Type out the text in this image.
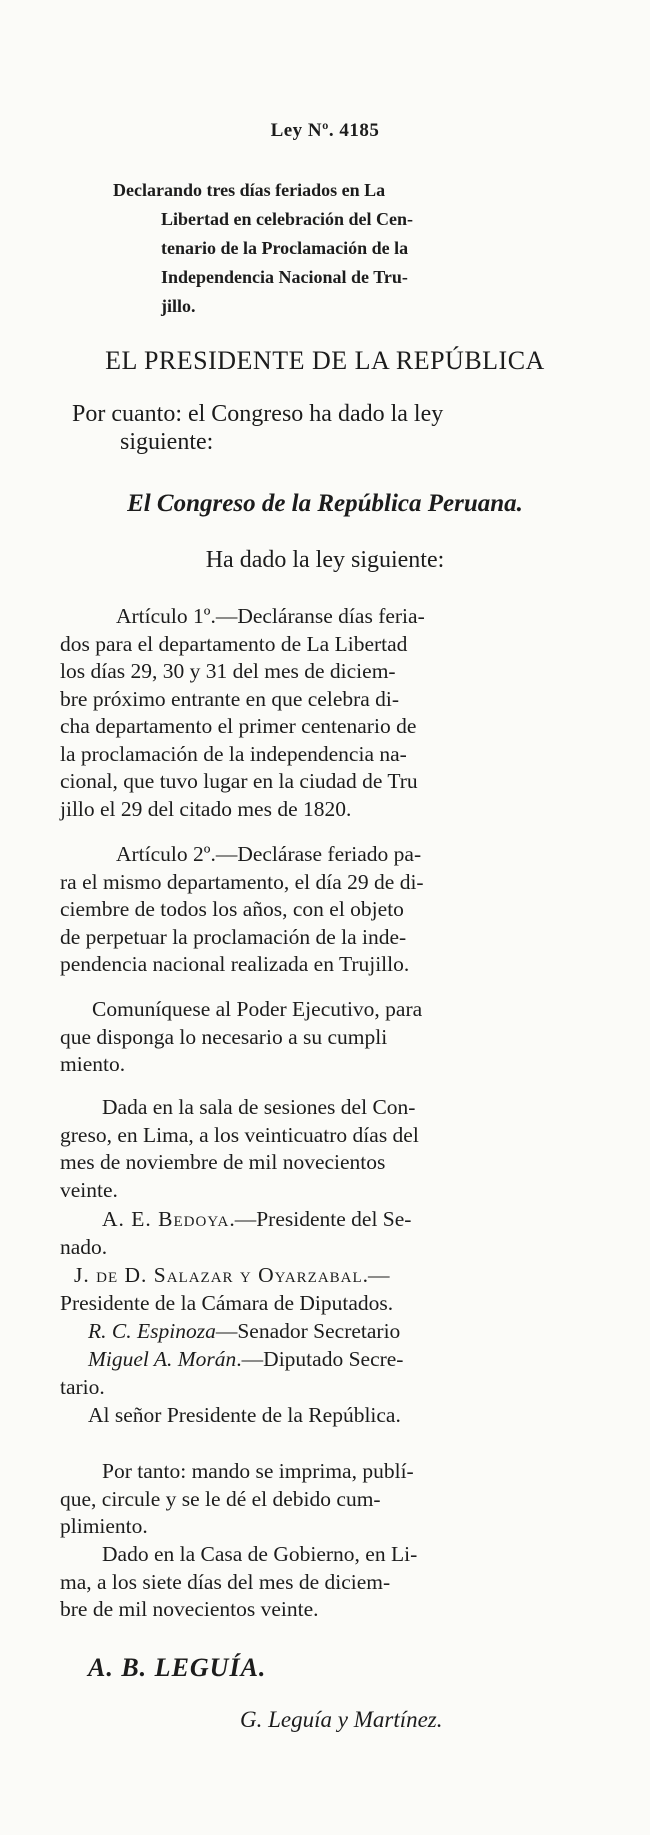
Ley Nº. 4185
Declarando tres días feriados en La
Libertad en celebración del Cen-
tenario de la Proclamación de la
Independencia Nacional de Tru-
jillo.
EL PRESIDENTE DE LA REPÚBLICA
Por cuanto: el Congreso ha dado la ley
siguiente:
El Congreso de la República Peruana.
Ha dado la ley siguiente:
Artículo 1º.—Decláranse días feria-
dos para el departamento de La Libertad
los días 29, 30 y 31 del mes de diciem-
bre próximo entrante en que celebra di-
cha departamento el primer centenario de
la proclamación de la independencia na-
cional, que tuvo lugar en la ciudad de Tru
jillo el 29 del citado mes de 1820.
Artículo 2º.—Declárase feriado pa-
ra el mismo departamento, el día 29 de di-
ciembre de todos los años, con el objeto
de perpetuar la proclamación de la inde-
pendencia nacional realizada en Trujillo.
Comuníquese al Poder Ejecutivo, para
que disponga lo necesario a su cumpli
miento.
Dada en la sala de sesiones del Con-
greso, en Lima, a los veinticuatro días del
mes de noviembre de mil novecientos
veinte.
A. E. Bedoya.—Presidente del Se-
nado.
J. de D. Salazar y Oyarzabal.—
Presidente de la Cámara de Diputados.
R. C. Espinoza—Senador Secretario
Miguel A. Morán.—Diputado Secre-
tario.
Al señor Presidente de la República.
Por tanto: mando se imprima, publí-
que, circule y se le dé el debido cum-
plimiento.
Dado en la Casa de Gobierno, en Li-
ma, a los siete días del mes de diciem-
bre de mil novecientos veinte.
A. B. LEGUÍA.
G. Leguía y Martínez.
